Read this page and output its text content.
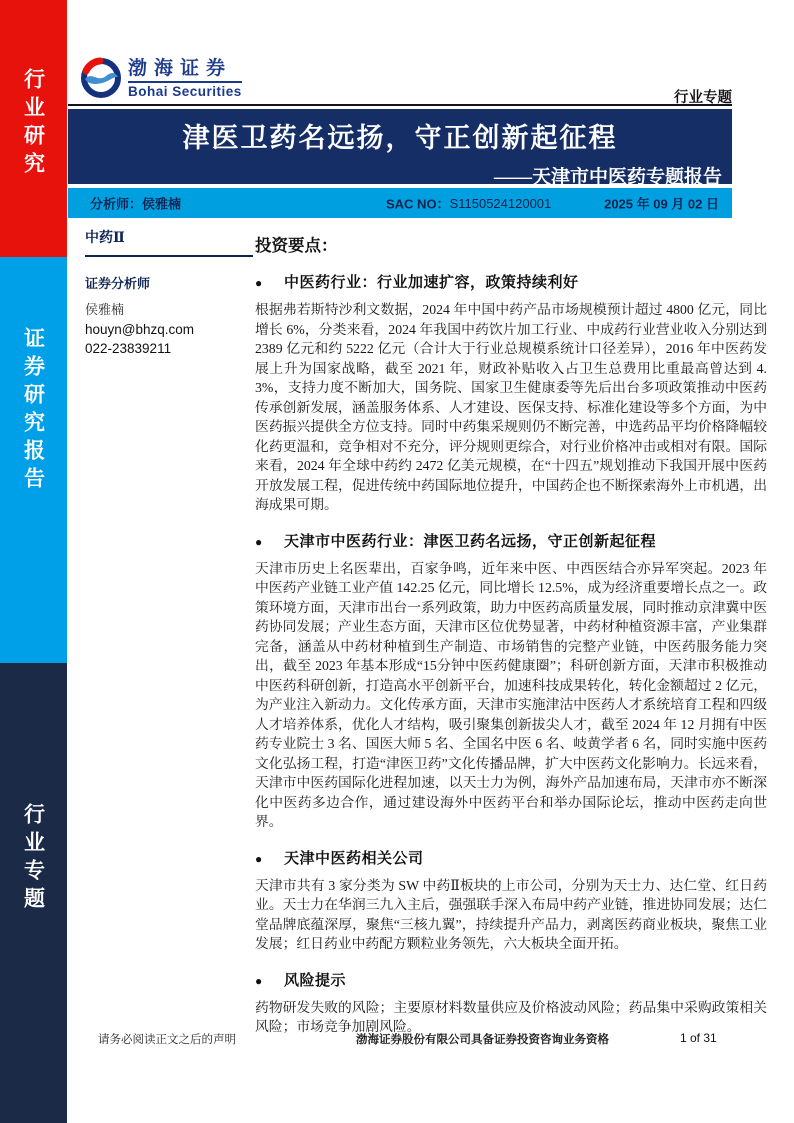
行业研究
证券研究报告
行业专题
渤海证券
Bohai Securities	行业专题
津医卫药名远扬，守正创新起征程
——天津市中医药专题报告
分析师：侯雅楠	SAC NO： S1150524120001	2025 年 09 月 02 日
中药Ⅱ
证券分析师
侯雅楠
houyn@bhzq.com
022-23839211
投资要点：
●	中医药行业：行业加速扩容，政策持续利好
根据弗若斯特沙利文数据，2024 年中国中药产品市场规模预计超过 4800 亿元，同比增长 6%，分类来看，2024 年我国中药饮片加工行业、中成药行业营业收入分别达到 2389 亿元和约 5222 亿元（合计大于行业总规模系统计口径差异），2016 年中医药发展上升为国家战略，截至 2021 年，财政补贴收入占卫生总费用比重最高曾达到 4.3%，支持力度不断加大，国务院、国家卫生健康委等先后出台多项政策推动中医药传承创新发展，涵盖服务体系、人才建设、医保支持、标准化建设等多个方面，为中医药振兴提供全方位支持。同时中药集采规则仍不断完善，中选药品平均价格降幅较化药更温和，竞争相对不充分，评分规则更综合，对行业价格冲击或相对有限。国际来看，2024 年全球中药约 2472 亿美元规模，在“十四五”规划推动下我国开展中医药开放发展工程，促进传统中药国际地位提升，中国药企也不断探索海外上市机遇，出海成果可期。
●	天津市中医药行业：津医卫药名远扬，守正创新起征程
天津市历史上名医辈出，百家争鸣，近年来中医、中西医结合亦异军突起。2023 年中医药产业链工业产值 142.25 亿元，同比增长 12.5%，成为经济重要增长点之一。政策环境方面，天津市出台一系列政策，助力中医药高质量发展，同时推动京津冀中医药协同发展；产业生态方面，天津市区位优势显著，中药材种植资源丰富，产业集群完备，涵盖从中药材种植到生产制造、市场销售的完整产业链，中医药服务能力突出，截至 2023 年基本形成“15分钟中医药健康圈”；科研创新方面，天津市积极推动中医药科研创新，打造高水平创新平台，加速科技成果转化，转化金额超过 2 亿元，为产业注入新动力。文化传承方面，天津市实施津沽中医药人才系统培育工程和四级人才培养体系，优化人才结构，吸引聚集创新拔尖人才，截至 2024 年 12 月拥有中医药专业院士 3 名、国医大师 5 名、全国名中医 6 名、岐黄学者 6 名，同时实施中医药文化弘扬工程，打造“津医卫药”文化传播品牌，扩大中医药文化影响力。长远来看，天津市中医药国际化进程加速，以天士力为例，海外产品加速布局，天津市亦不断深化中医药多边合作，通过建设海外中医药平台和举办国际论坛，推动中医药走向世界。
●	天津中医药相关公司
天津市共有 3 家分类为 SW 中药Ⅱ板块的上市公司，分别为天士力、达仁堂、红日药业。天士力在华润三九入主后，强强联手深入布局中药产业链，推进协同发展；达仁堂品牌底蕴深厚，聚焦“三核九翼”，持续提升产品力，剥离医药商业板块，聚焦工业发展；红日药业中药配方颗粒业务领先，六大板块全面开拓。
●	风险提示
药物研发失败的风险；主要原材料数量供应及价格波动风险；药品集中采购政策相关风险；市场竞争加剧风险。
请务必阅读正文之后的声明	渤海证券股份有限公司具备证券投资咨询业务资格	1 of 31
